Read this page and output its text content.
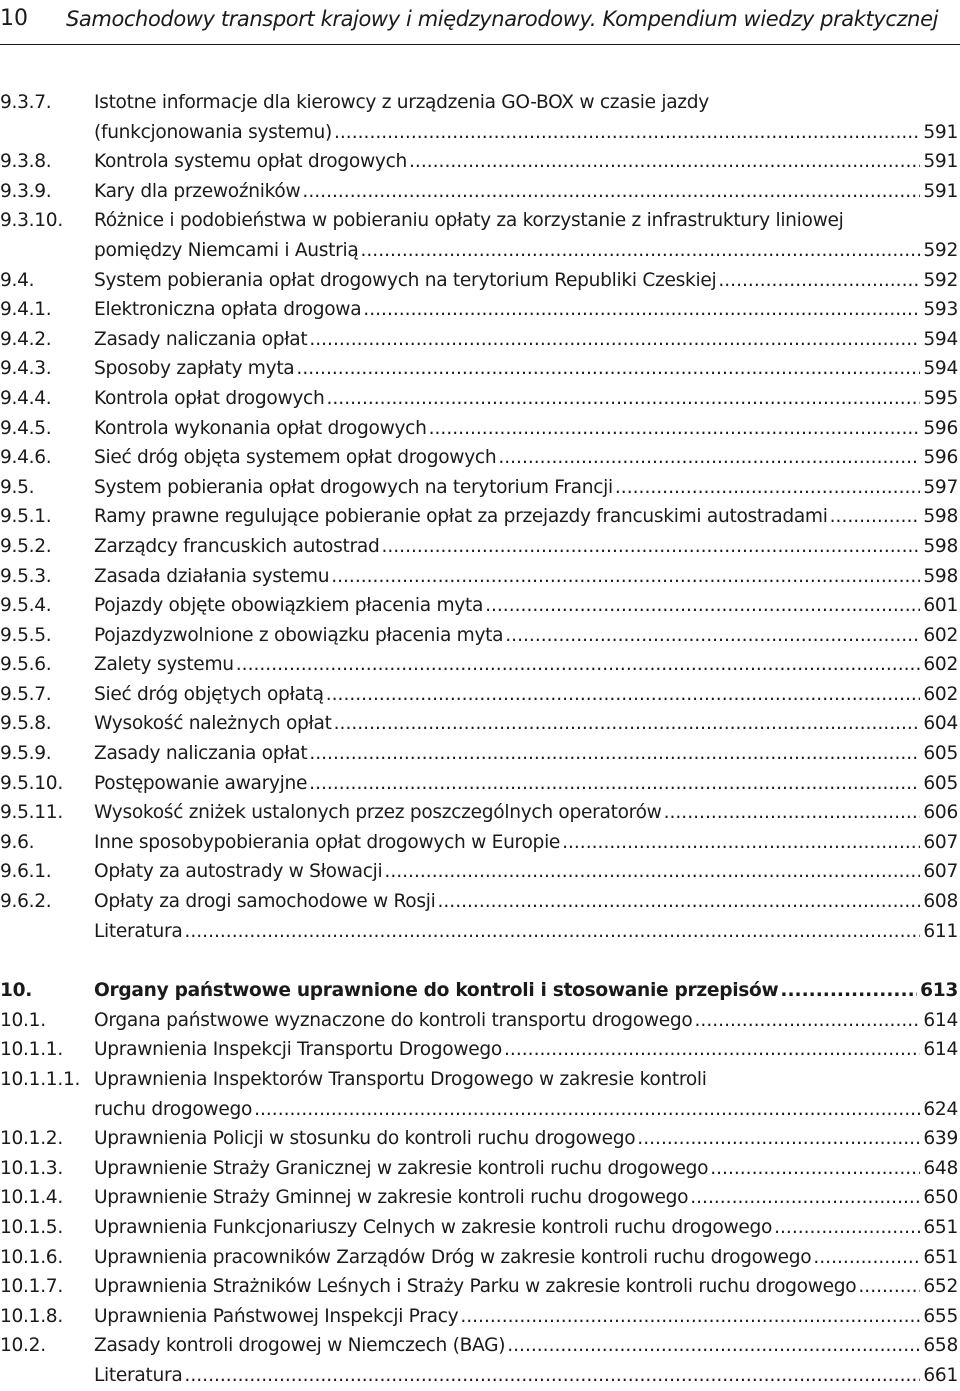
10 Samochodowy transport krajowy i międzynarodowy. Kompendium wiedzy praktycznej
9.3.7.	Istotne informacje dla kierowcy z urządzenia GO-BOX w czasie jazdy
(funkcjonowania systemu) .....	591
9.3.8.	Kontrola systemu opłat drogowych .....	591
9.3.9.	Kary dla przewoźników .....	591
9.3.10.	Różnice i podobieństwa w pobieraniu opłaty za korzystanie z infrastruktury liniowej
pomiędzy Niemcami i Austrią .....	592
9.4.	System pobierania opłat drogowych na terytorium Republiki Czeskiej .....	592
9.4.1.	Elektroniczna opłata drogowa .....	593
9.4.2.	Zasady naliczania opłat .....	594
9.4.3.	Sposoby zapłaty myta .....	594
9.4.4.	Kontrola opłat drogowych .....	595
9.4.5.	Kontrola wykonania opłat drogowych .....	596
9.4.6.	Sieć dróg objęta systemem opłat drogowych .....	596
9.5.	System pobierania opłat drogowych na terytorium Francji .....	597
9.5.1.	Ramy prawne regulujące pobieranie opłat za przejazdy francuskimi autostradami .....	598
9.5.2.	Zarządcy francuskich autostrad .....	598
9.5.3.	Zasada działania systemu .....	598
9.5.4.	Pojazdy objęte obowiązkiem płacenia myta .....	601
9.5.5.	Pojazdyzwolnione z obowiązku płacenia myta .....	602
9.5.6.	Zalety systemu .....	602
9.5.7.	Sieć dróg objętych opłatą .....	602
9.5.8.	Wysokość należnych opłat .....	604
9.5.9.	Zasady naliczania opłat .....	605
9.5.10.	Postępowanie awaryjne .....	605
9.5.11.	Wysokość zniżek ustalonych przez poszczególnych operatorów .....	606
9.6.	Inne sposobypobierania opłat drogowych w Europie .....	607
9.6.1.	Opłaty za autostrady w Słowacji .....	607
9.6.2.	Opłaty za drogi samochodowe w Rosji .....	608
Literatura .....	611
10.	Organy państwowe uprawnione do kontroli i stosowanie przepisów .....	613
10.1.	Organa państwowe wyznaczone do kontroli transportu drogowego .....	614
10.1.1.	Uprawnienia Inspekcji Transportu Drogowego .....	614
10.1.1.1. Uprawnienia Inspektorów Transportu Drogowego w zakresie kontroli
ruchu drogowego .....	624
10.1.2.	Uprawnienia Policji w stosunku do kontroli ruchu drogowego .....	639
10.1.3.	Uprawnienie Straży Granicznej w zakresie kontroli ruchu drogowego .....	648
10.1.4.	Uprawnienie Straży Gminnej w zakresie kontroli ruchu drogowego .....	650
10.1.5.	Uprawnienia Funkcjonariuszy Celnych w zakresie kontroli ruchu drogowego .....	651
10.1.6.	Uprawnienia pracowników Zarządów Dróg w zakresie kontroli ruchu drogowego .....	651
10.1.7.	Uprawnienia Strażników Leśnych i Straży Parku w zakresie kontroli ruchu drogowego .....	652
10.1.8.	Uprawnienia Państwowej Inspekcji Pracy .....	655
10.2.	Zasady kontroli drogowej w Niemczech (BAG) .....	658
Literatura .....	661
